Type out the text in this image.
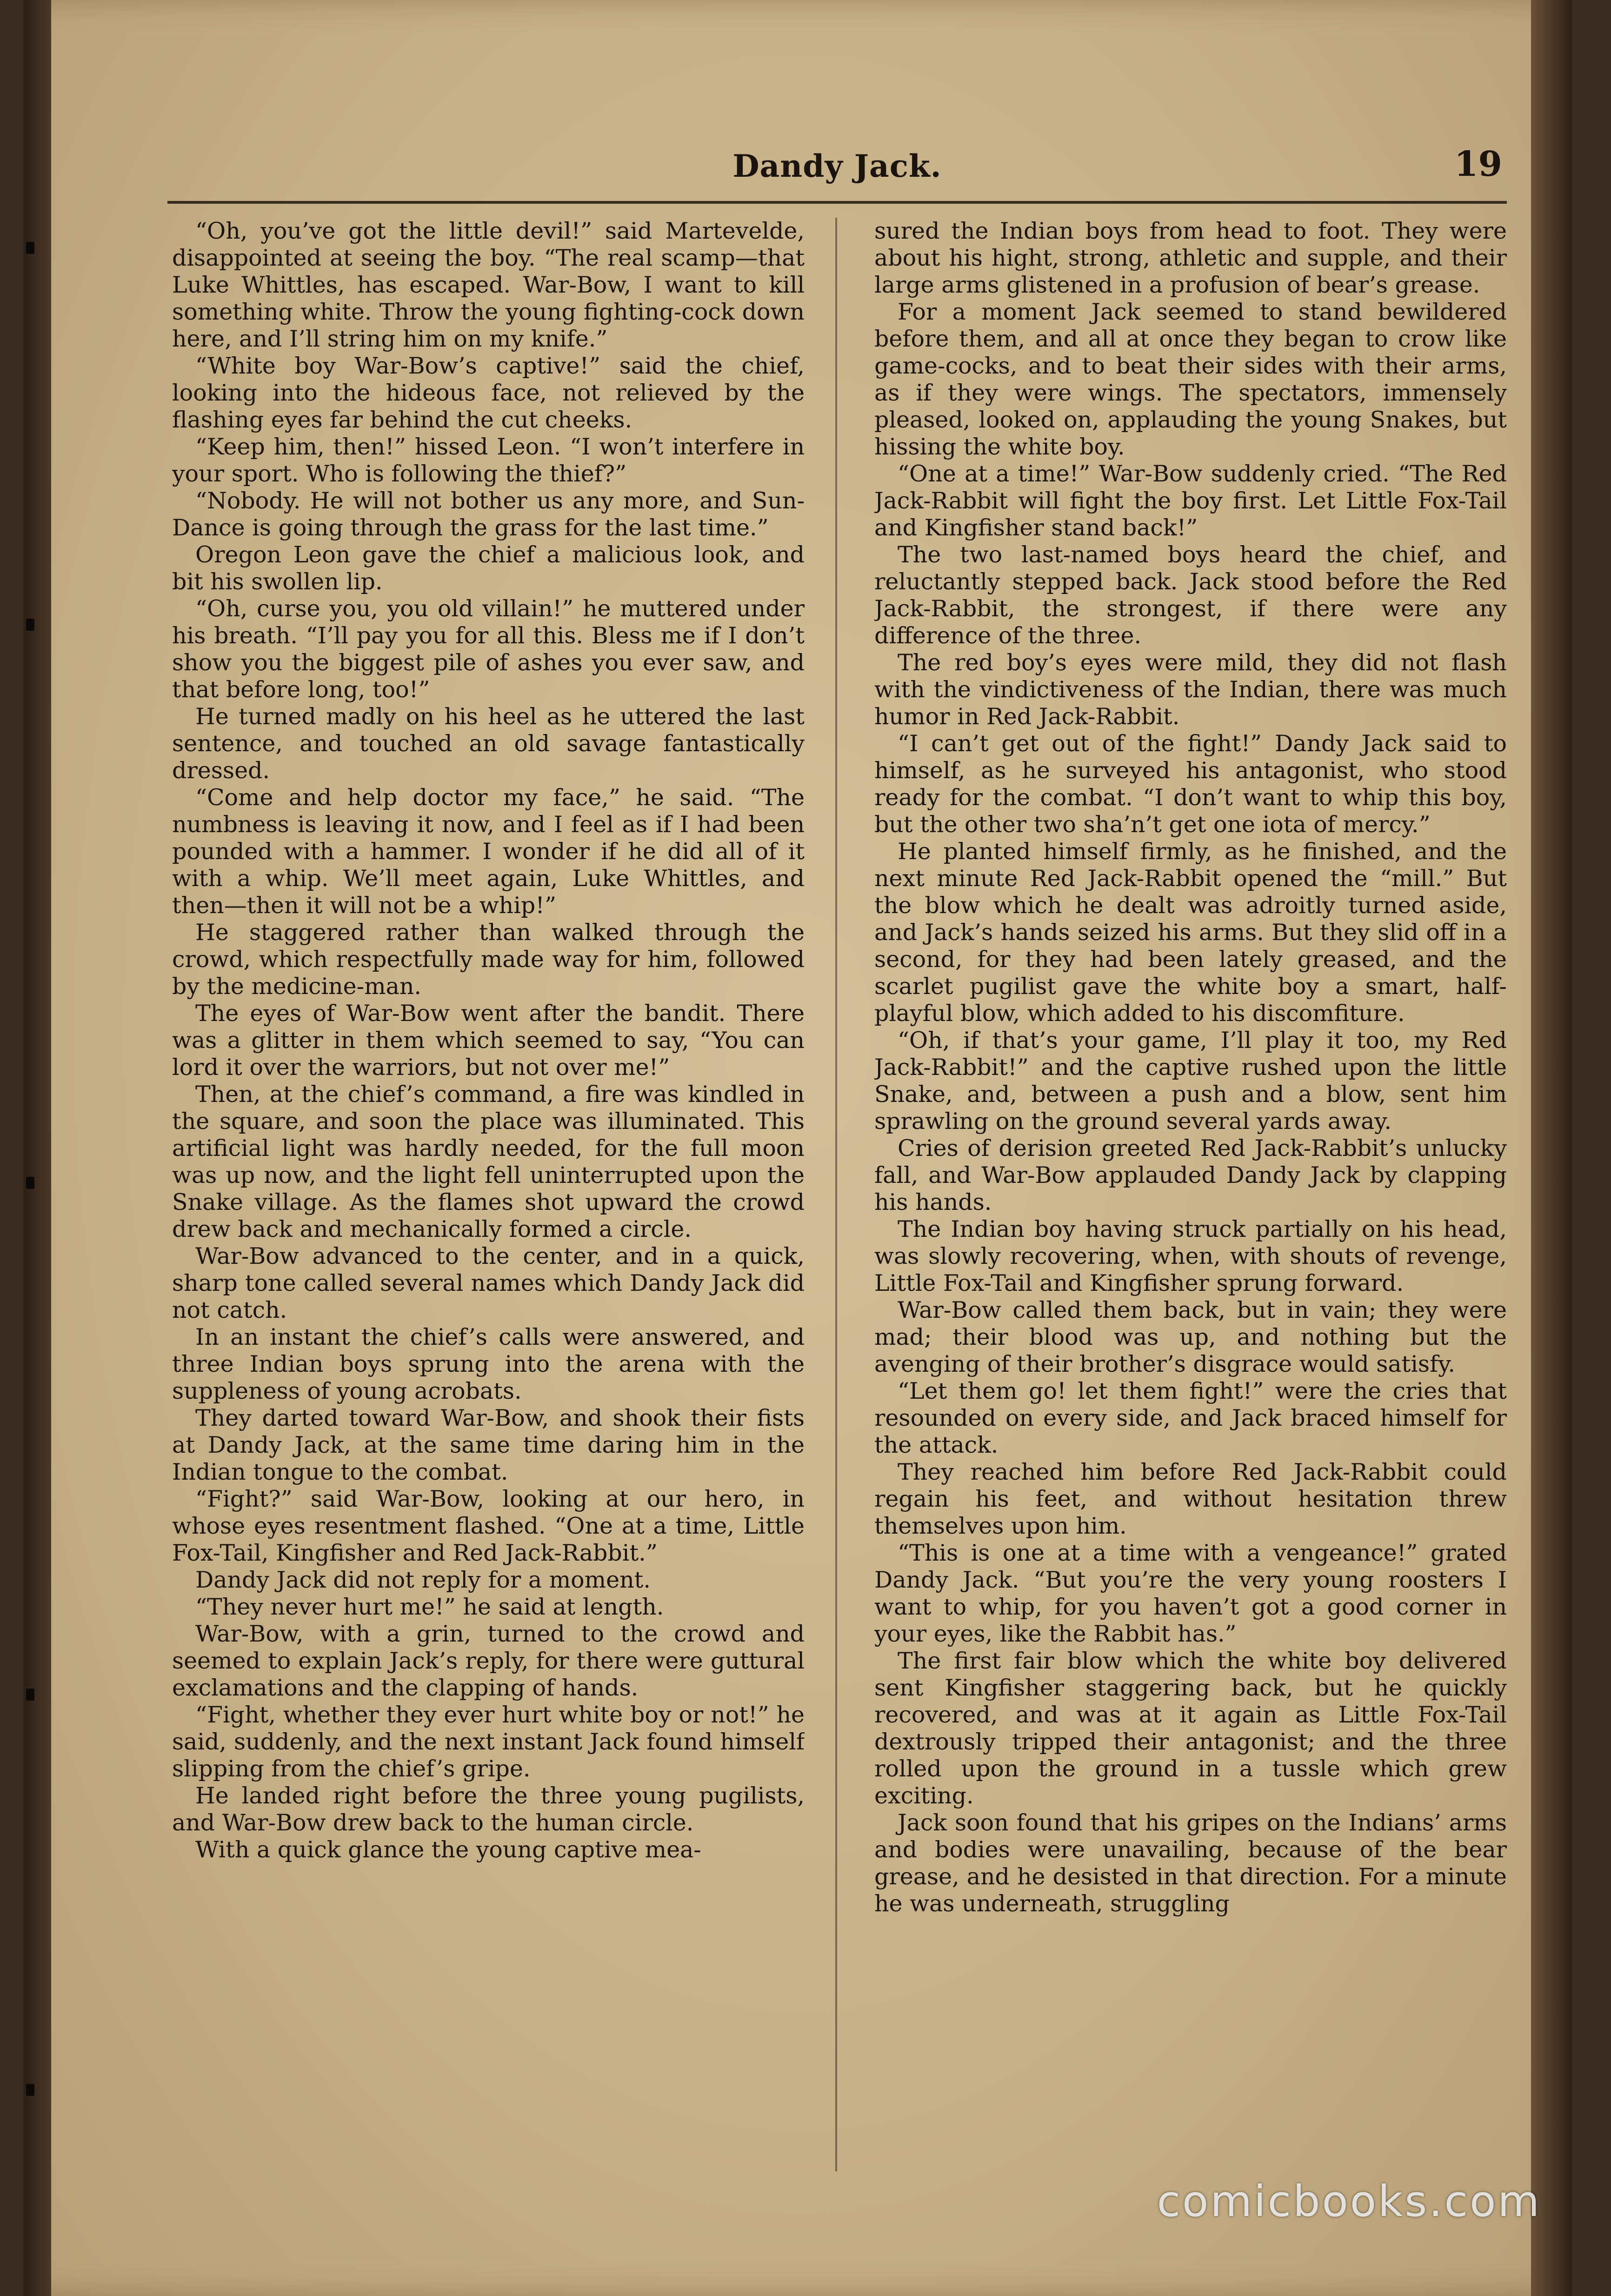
Dandy Jack.	19

“Oh, you’ve got the little devil!” said Martevelde, disappointed at seeing the boy. “The real scamp—that Luke Whittles, has escaped. War-Bow, I want to kill something white. Throw the young fighting-cock down here, and I’ll string him on my knife.”

“White boy War-Bow’s captive!” said the chief, looking into the hideous face, not relieved by the flashing eyes far behind the cut cheeks.

“Keep him, then!” hissed Leon. “I won’t interfere in your sport. Who is following the thief?”

“Nobody. He will not bother us any more, and Sun-Dance is going through the grass for the last time.”

Oregon Leon gave the chief a malicious look, and bit his swollen lip.

“Oh, curse you, you old villain!” he muttered under his breath. “I’ll pay you for all this. Bless me if I don’t show you the biggest pile of ashes you ever saw, and that before long, too!”

He turned madly on his heel as he uttered the last sentence, and touched an old savage fantastically dressed.

“Come and help doctor my face,” he said. “The numbness is leaving it now, and I feel as if I had been pounded with a hammer. I wonder if he did all of it with a whip. We’ll meet again, Luke Whittles, and then—then it will not be a whip!”

He staggered rather than walked through the crowd, which respectfully made way for him, followed by the medicine-man.

The eyes of War-Bow went after the bandit. There was a glitter in them which seemed to say, “You can lord it over the warriors, but not over me!”

Then, at the chief’s command, a fire was kindled in the square, and soon the place was illuminated. This artificial light was hardly needed, for the full moon was up now, and the light fell uninterrupted upon the Snake village. As the flames shot upward the crowd drew back and mechanically formed a circle.

War-Bow advanced to the center, and in a quick, sharp tone called several names which Dandy Jack did not catch.

In an instant the chief’s calls were answered, and three Indian boys sprung into the arena with the suppleness of young acrobats.

They darted toward War-Bow, and shook their fists at Dandy Jack, at the same time daring him in the Indian tongue to the combat.

“Fight?” said War-Bow, looking at our hero, in whose eyes resentment flashed. “One at a time, Little Fox-Tail, Kingfisher and Red Jack-Rabbit.”

Dandy Jack did not reply for a moment.

“They never hurt me!” he said at length.

War-Bow, with a grin, turned to the crowd and seemed to explain Jack’s reply, for there were guttural exclamations and the clapping of hands.

“Fight, whether they ever hurt white boy or not!” he said, suddenly, and the next instant Jack found himself slipping from the chief’s gripe.

He landed right before the three young pugilists, and War-Bow drew back to the human circle.

With a quick glance the young captive mea-

sured the Indian boys from head to foot. They were about his hight, strong, athletic and supple, and their large arms glistened in a profusion of bear’s grease.

For a moment Jack seemed to stand bewildered before them, and all at once they began to crow like game-cocks, and to beat their sides with their arms, as if they were wings. The spectators, immensely pleased, looked on, applauding the young Snakes, but hissing the white boy.

“One at a time!” War-Bow suddenly cried. “The Red Jack-Rabbit will fight the boy first. Let Little Fox-Tail and Kingfisher stand back!”

The two last-named boys heard the chief, and reluctantly stepped back. Jack stood before the Red Jack-Rabbit, the strongest, if there were any difference of the three.

The red boy’s eyes were mild, they did not flash with the vindictiveness of the Indian, there was much humor in Red Jack-Rabbit.

“I can’t get out of the fight!” Dandy Jack said to himself, as he surveyed his antagonist, who stood ready for the combat. “I don’t want to whip this boy, but the other two sha’n’t get one iota of mercy.”

He planted himself firmly, as he finished, and the next minute Red Jack-Rabbit opened the “mill.” But the blow which he dealt was adroitly turned aside, and Jack’s hands seized his arms. But they slid off in a second, for they had been lately greased, and the scarlet pugilist gave the white boy a smart, half-playful blow, which added to his discomfiture.

“Oh, if that’s your game, I’ll play it too, my Red Jack-Rabbit!” and the captive rushed upon the little Snake, and, between a push and a blow, sent him sprawling on the ground several yards away.

Cries of derision greeted Red Jack-Rabbit’s unlucky fall, and War-Bow applauded Dandy Jack by clapping his hands.

The Indian boy having struck partially on his head, was slowly recovering, when, with shouts of revenge, Little Fox-Tail and Kingfisher sprung forward.

War-Bow called them back, but in vain; they were mad; their blood was up, and nothing but the avenging of their brother’s disgrace would satisfy.

“Let them go! let them fight!” were the cries that resounded on every side, and Jack braced himself for the attack.

They reached him before Red Jack-Rabbit could regain his feet, and without hesitation threw themselves upon him.

“This is one at a time with a vengeance!” grated Dandy Jack. “But you’re the very young roosters I want to whip, for you haven’t got a good corner in your eyes, like the Rabbit has.”

The first fair blow which the white boy delivered sent Kingfisher staggering back, but he quickly recovered, and was at it again as Little Fox-Tail dextrously tripped their antagonist; and the three rolled upon the ground in a tussle which grew exciting.

Jack soon found that his gripes on the Indians’ arms and bodies were unavailing, because of the bear grease, and he desisted in that direction. For a minute he was underneath, struggling

comicbooks.com
